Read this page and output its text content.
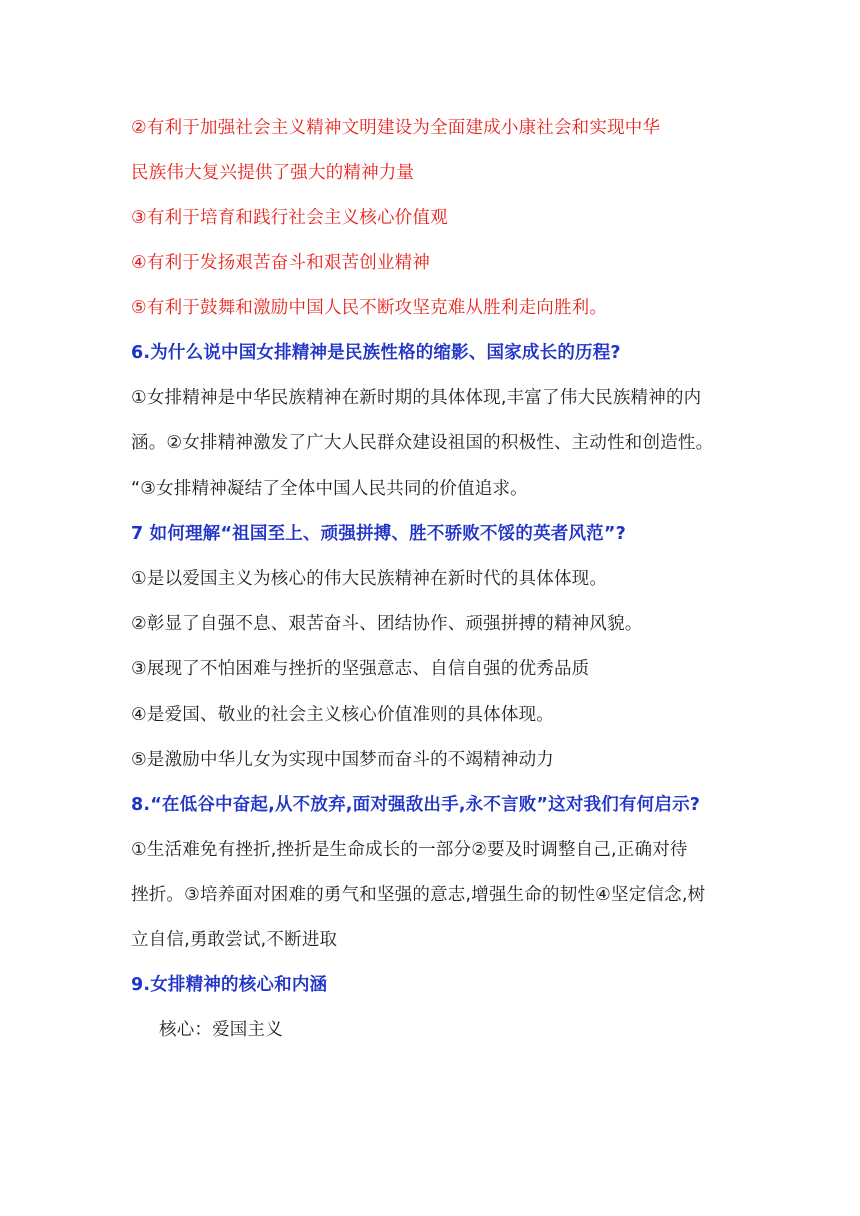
②有利于加强社会主义精神文明建设为全面建成小康社会和实现中华
民族伟大复兴提供了强大的精神力量
③有利于培育和践行社会主义核心价值观
④有利于发扬艰苦奋斗和艰苦创业精神
⑤有利于鼓舞和激励中国人民不断攻坚克难从胜利走向胜利。
6.为什么说中国女排精神是民族性格的缩影、国家成长的历程?
①女排精神是中华民族精神在新时期的具体体现,丰富了伟大民族精神的内
涵。②女排精神激发了广大人民群众建设祖国的积极性、主动性和创造性。
“③女排精神凝结了全体中国人民共同的价值追求。
7 如何理解“祖国至上、顽强拼搏、胜不骄败不馁的英者风范”?
①是以爱国主义为核心的伟大民族精神在新时代的具体体现。
②彰显了自强不息、艰苦奋斗、团结协作、顽强拼搏的精神风貌。
③展现了不怕困难与挫折的坚强意志、自信自强的优秀品质
④是爱国、敬业的社会主义核心价值准则的具体体现。
⑤是激励中华儿女为实现中国梦而奋斗的不竭精神动力
8.“在低谷中奋起,从不放弃,面对强敌出手,永不言败”这对我们有何启示?
①生活难免有挫折,挫折是生命成长的一部分②要及时调整自己,正确对待
挫折。③培养面对困难的勇气和坚强的意志,增强生命的韧性④坚定信念,树
立自信,勇敢尝试,不断进取
9.女排精神的核心和内涵
核心：爱国主义
